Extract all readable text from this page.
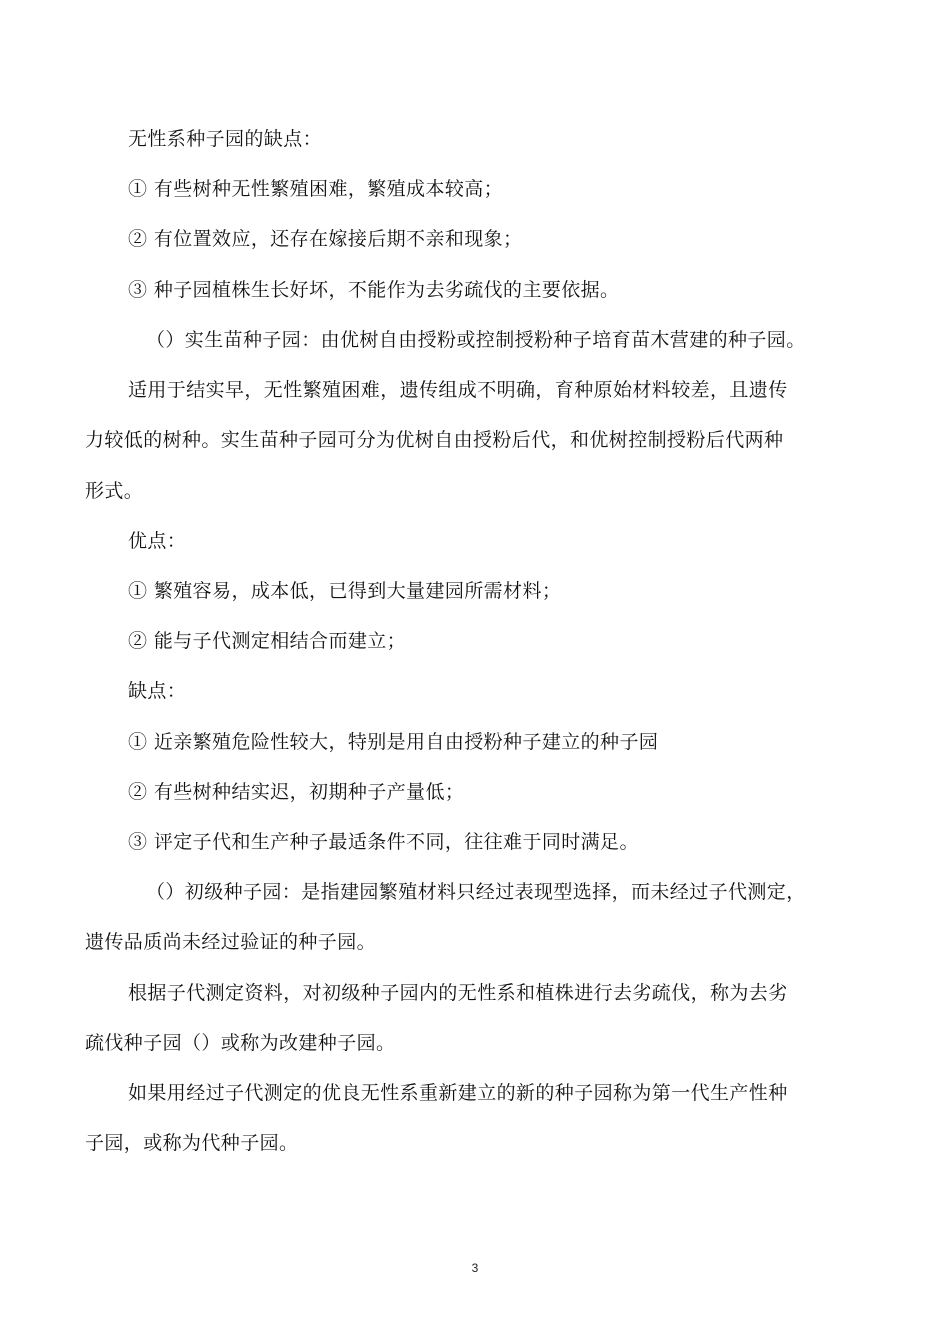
无性系种子园的缺点：
① 有些树种无性繁殖困难，繁殖成本较高；
② 有位置效应，还存在嫁接后期不亲和现象；
③ 种子园植株生长好坏，不能作为去劣疏伐的主要依据。
（）实生苗种子园：由优树自由授粉或控制授粉种子培育苗木营建的种子园。
适用于结实早，无性繁殖困难，遗传组成不明确，育种原始材料较差，且遗传
力较低的树种。实生苗种子园可分为优树自由授粉后代，和优树控制授粉后代两种
形式。
优点：
① 繁殖容易，成本低，已得到大量建园所需材料；
② 能与子代测定相结合而建立；
缺点：
① 近亲繁殖危险性较大，特别是用自由授粉种子建立的种子园
② 有些树种结实迟，初期种子产量低；
③ 评定子代和生产种子最适条件不同，往往难于同时满足。
（）初级种子园：是指建园繁殖材料只经过表现型选择，而未经过子代测定，
遗传品质尚未经过验证的种子园。
根据子代测定资料，对初级种子园内的无性系和植株进行去劣疏伐，称为去劣
疏伐种子园（）或称为改建种子园。
如果用经过子代测定的优良无性系重新建立的新的种子园称为第一代生产性种
子园，或称为代种子园。
3
